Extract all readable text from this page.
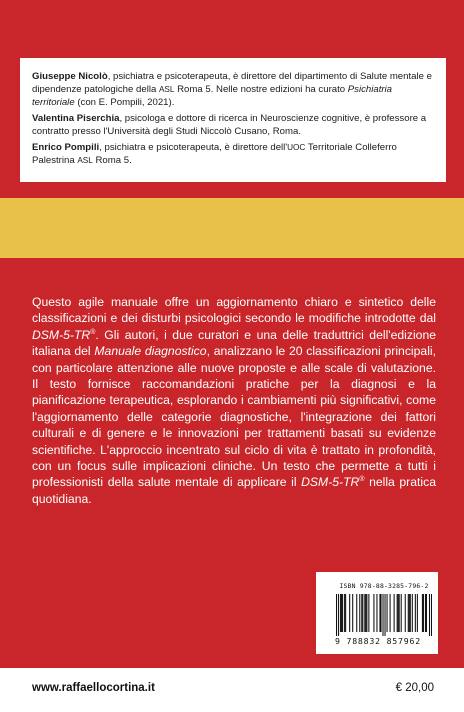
Giuseppe Nicolò, psichiatra e psicoterapeuta, è direttore del dipartimento di Salute mentale e dipendenze patologiche della ASL Roma 5. Nelle nostre edizioni ha curato Psichiatria territoriale (con E. Pompili, 2021).

Valentina Piserchia, psicologa e dottore di ricerca in Neuroscienze cognitive, è professore a contratto presso l'Università degli Studi Niccolò Cusano, Roma.

Enrico Pompili, psichiatra e psicoterapeuta, è direttore dell'UOC Territoriale Colleferro Palestrina ASL Roma 5.

Questo agile manuale offre un aggiornamento chiaro e sintetico delle classificazioni e dei disturbi psicologici secondo le modifiche introdotte dal DSM-5-TR®. Gli autori, i due curatori e una delle traduttrici dell'edizione italiana del Manuale diagnostico, analizzano le 20 classificazioni principali, con particolare attenzione alle nuove proposte e alle scale di valutazione. Il testo fornisce raccomandazioni pratiche per la diagnosi e la pianificazione terapeutica, esplorando i cambiamenti più significativi, come l'aggiornamento delle categorie diagnostiche, l'integrazione dei fattori culturali e di genere e le innovazioni per trattamenti basati su evidenze scientifiche. L'approccio incentrato sul ciclo di vita è trattato in profondità, con un focus sulle implicazioni cliniche. Un testo che permette a tutti i professionisti della salute mentale di applicare il DSM-5-TR® nella pratica quotidiana.
ISBN 978-88-3285-796-2
9 788832 857962
www.raffaellocortina.it	€ 20,00
